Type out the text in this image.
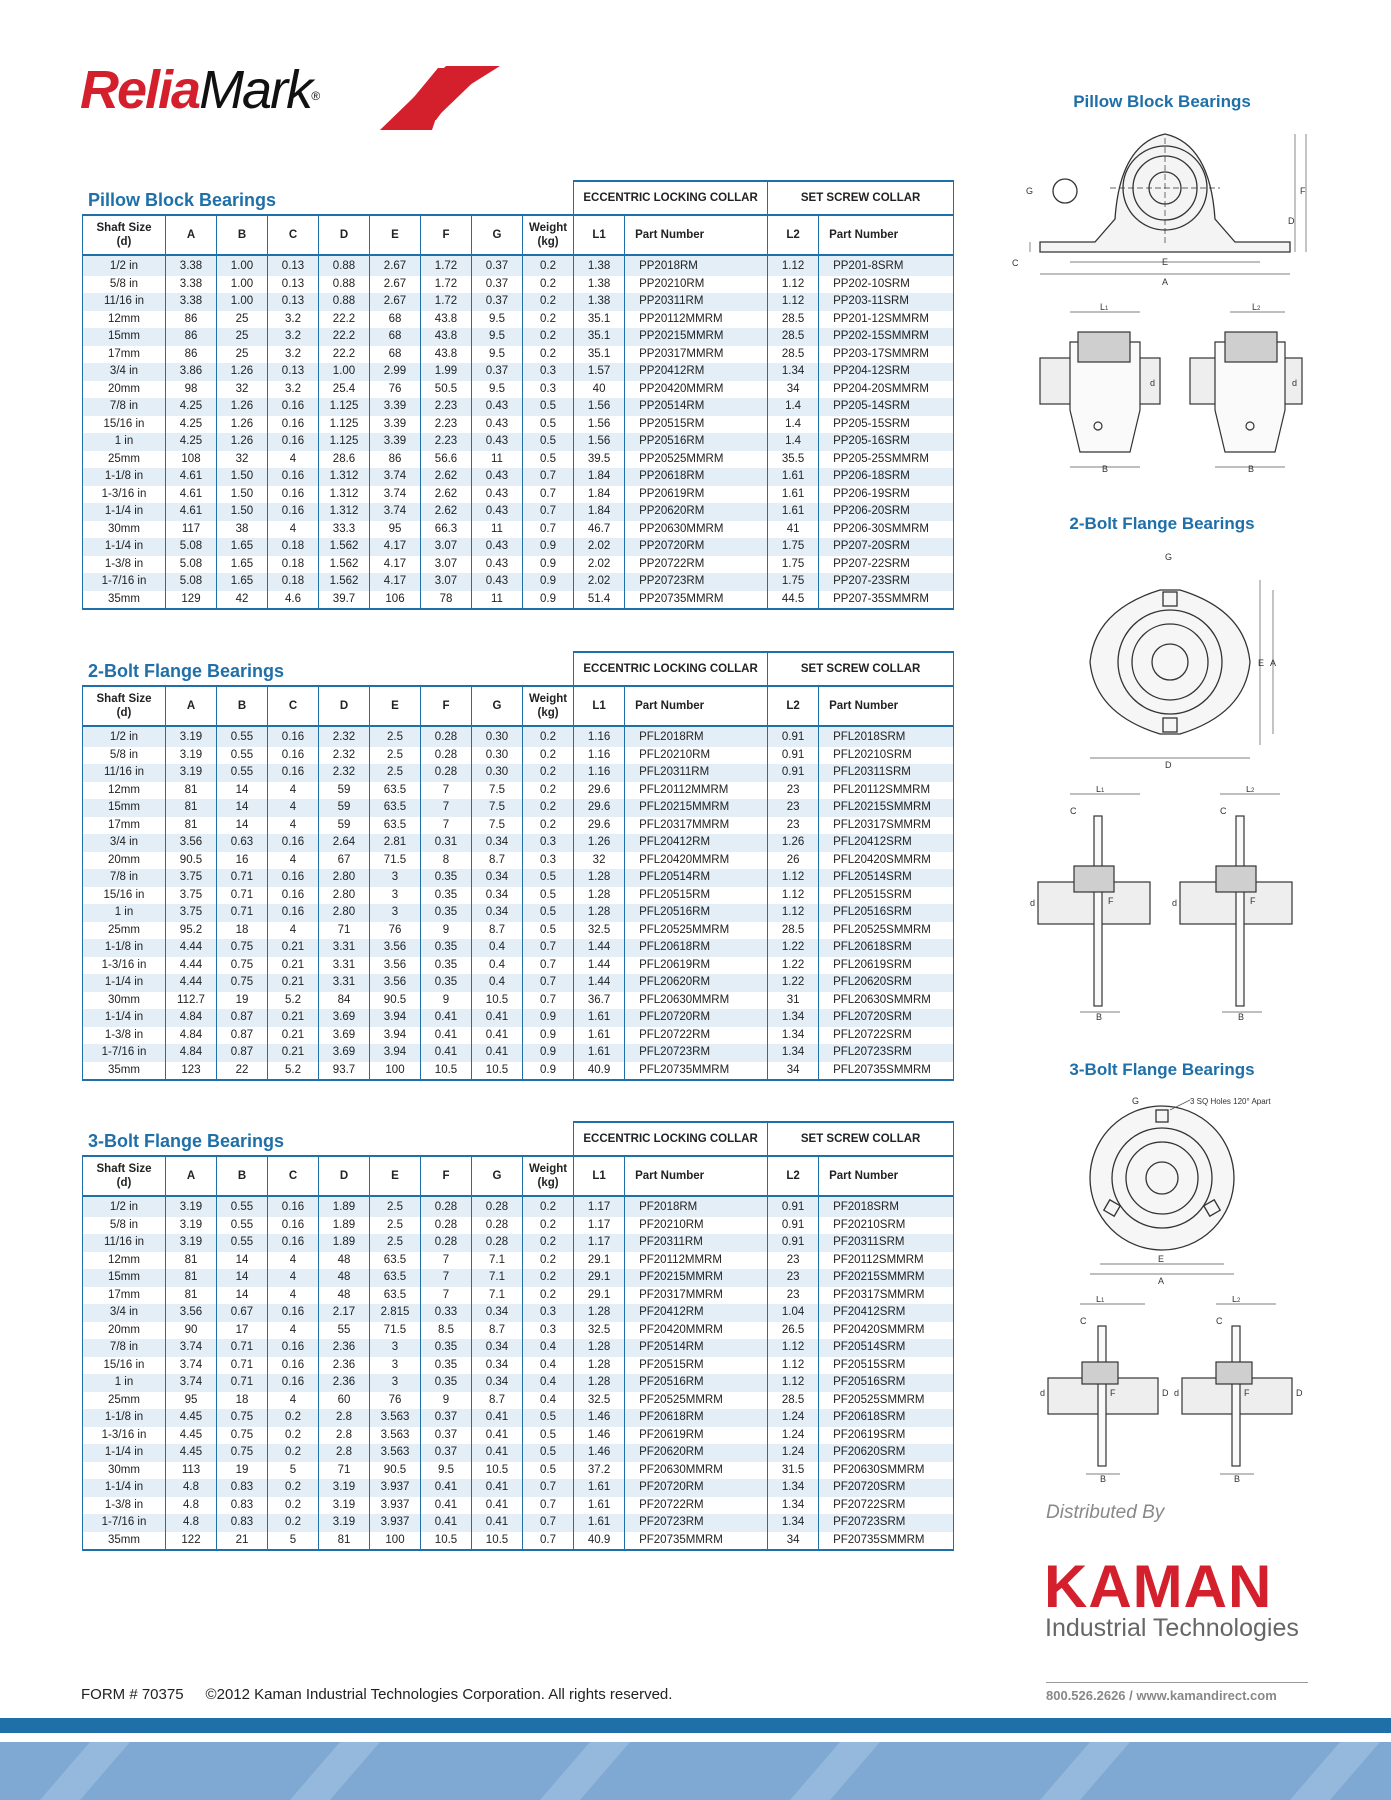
ReliaMark®
Pillow Block Bearings
									ECCENTRIC LOCKING COLLAR		SET SCREW COLLAR	
Shaft Size (d)	A	B	C	D	E	F	G	Weight (kg)	L1	Part Number	L2	Part Number
1/2 in	3.38	1.00	0.13	0.88	2.67	1.72	0.37	0.2	1.38	PP2018RM	1.12	PP201-8SRM
5/8 in	3.38	1.00	0.13	0.88	2.67	1.72	0.37	0.2	1.38	PP20210RM	1.12	PP202-10SRM
11/16 in	3.38	1.00	0.13	0.88	2.67	1.72	0.37	0.2	1.38	PP20311RM	1.12	PP203-11SRM
12mm	86	25	3.2	22.2	68	43.8	9.5	0.2	35.1	PP20112MMRM	28.5	PP201-12SMMRM
15mm	86	25	3.2	22.2	68	43.8	9.5	0.2	35.1	PP20215MMRM	28.5	PP202-15SMMRM
17mm	86	25	3.2	22.2	68	43.8	9.5	0.2	35.1	PP20317MMRM	28.5	PP203-17SMMRM
3/4 in	3.86	1.26	0.13	1.00	2.99	1.99	0.37	0.3	1.57	PP20412RM	1.34	PP204-12SRM
20mm	98	32	3.2	25.4	76	50.5	9.5	0.3	40	PP20420MMRM	34	PP204-20SMMRM
7/8 in	4.25	1.26	0.16	1.125	3.39	2.23	0.43	0.5	1.56	PP20514RM	1.4	PP205-14SRM
15/16 in	4.25	1.26	0.16	1.125	3.39	2.23	0.43	0.5	1.56	PP20515RM	1.4	PP205-15SRM
1 in	4.25	1.26	0.16	1.125	3.39	2.23	0.43	0.5	1.56	PP20516RM	1.4	PP205-16SRM
25mm	108	32	4	28.6	86	56.6	11	0.5	39.5	PP20525MMRM	35.5	PP205-25SMMRM
1-1/8 in	4.61	1.50	0.16	1.312	3.74	2.62	0.43	0.7	1.84	PP20618RM	1.61	PP206-18SRM
1-3/16 in	4.61	1.50	0.16	1.312	3.74	2.62	0.43	0.7	1.84	PP20619RM	1.61	PP206-19SRM
1-1/4 in	4.61	1.50	0.16	1.312	3.74	2.62	0.43	0.7	1.84	PP20620RM	1.61	PP206-20SRM
30mm	117	38	4	33.3	95	66.3	11	0.7	46.7	PP20630MMRM	41	PP206-30SMMRM
1-1/4 in	5.08	1.65	0.18	1.562	4.17	3.07	0.43	0.9	2.02	PP20720RM	1.75	PP207-20SRM
1-3/8 in	5.08	1.65	0.18	1.562	4.17	3.07	0.43	0.9	2.02	PP20722RM	1.75	PP207-22SRM
1-7/16 in	5.08	1.65	0.18	1.562	4.17	3.07	0.43	0.9	2.02	PP20723RM	1.75	PP207-23SRM
35mm	129	42	4.6	39.7	106	78	11	0.9	51.4	PP20735MMRM	44.5	PP207-35SMMRM
2-Bolt Flange Bearings
									ECCENTRIC LOCKING COLLAR		SET SCREW COLLAR	
Shaft Size (d)	A	B	C	D	E	F	G	Weight (kg)	L1	Part Number	L2	Part Number
1/2 in	3.19	0.55	0.16	2.32	2.5	0.28	0.30	0.2	1.16	PFL2018RM	0.91	PFL2018SRM
5/8 in	3.19	0.55	0.16	2.32	2.5	0.28	0.30	0.2	1.16	PFL20210RM	0.91	PFL20210SRM
11/16 in	3.19	0.55	0.16	2.32	2.5	0.28	0.30	0.2	1.16	PFL20311RM	0.91	PFL20311SRM
12mm	81	14	4	59	63.5	7	7.5	0.2	29.6	PFL20112MMRM	23	PFL20112SMMRM
15mm	81	14	4	59	63.5	7	7.5	0.2	29.6	PFL20215MMRM	23	PFL20215SMMRM
17mm	81	14	4	59	63.5	7	7.5	0.2	29.6	PFL20317MMRM	23	PFL20317SMMRM
3/4 in	3.56	0.63	0.16	2.64	2.81	0.31	0.34	0.3	1.26	PFL20412RM	1.26	PFL20412SRM
20mm	90.5	16	4	67	71.5	8	8.7	0.3	32	PFL20420MMRM	26	PFL20420SMMRM
7/8 in	3.75	0.71	0.16	2.80	3	0.35	0.34	0.5	1.28	PFL20514RM	1.12	PFL20514SRM
15/16 in	3.75	0.71	0.16	2.80	3	0.35	0.34	0.5	1.28	PFL20515RM	1.12	PFL20515SRM
1 in	3.75	0.71	0.16	2.80	3	0.35	0.34	0.5	1.28	PFL20516RM	1.12	PFL20516SRM
25mm	95.2	18	4	71	76	9	8.7	0.5	32.5	PFL20525MMRM	28.5	PFL20525SMMRM
1-1/8 in	4.44	0.75	0.21	3.31	3.56	0.35	0.4	0.7	1.44	PFL20618RM	1.22	PFL20618SRM
1-3/16 in	4.44	0.75	0.21	3.31	3.56	0.35	0.4	0.7	1.44	PFL20619RM	1.22	PFL20619SRM
1-1/4 in	4.44	0.75	0.21	3.31	3.56	0.35	0.4	0.7	1.44	PFL20620RM	1.22	PFL20620SRM
30mm	112.7	19	5.2	84	90.5	9	10.5	0.7	36.7	PFL20630MMRM	31	PFL20630SMMRM
1-1/4 in	4.84	0.87	0.21	3.69	3.94	0.41	0.41	0.9	1.61	PFL20720RM	1.34	PFL20720SRM
1-3/8 in	4.84	0.87	0.21	3.69	3.94	0.41	0.41	0.9	1.61	PFL20722RM	1.34	PFL20722SRM
1-7/16 in	4.84	0.87	0.21	3.69	3.94	0.41	0.41	0.9	1.61	PFL20723RM	1.34	PFL20723SRM
35mm	123	22	5.2	93.7	100	10.5	10.5	0.9	40.9	PFL20735MMRM	34	PFL20735SMMRM
3-Bolt Flange Bearings
									ECCENTRIC LOCKING COLLAR		SET SCREW COLLAR	
Shaft Size (d)	A	B	C	D	E	F	G	Weight (kg)	L1	Part Number	L2	Part Number
1/2 in	3.19	0.55	0.16	1.89	2.5	0.28	0.28	0.2	1.17	PF2018RM	0.91	PF2018SRM
5/8 in	3.19	0.55	0.16	1.89	2.5	0.28	0.28	0.2	1.17	PF20210RM	0.91	PF20210SRM
11/16 in	3.19	0.55	0.16	1.89	2.5	0.28	0.28	0.2	1.17	PF20311RM	0.91	PF20311SRM
12mm	81	14	4	48	63.5	7	7.1	0.2	29.1	PF20112MMRM	23	PF20112SMMRM
15mm	81	14	4	48	63.5	7	7.1	0.2	29.1	PF20215MMRM	23	PF20215SMMRM
17mm	81	14	4	48	63.5	7	7.1	0.2	29.1	PF20317MMRM	23	PF20317SMMRM
3/4 in	3.56	0.67	0.16	2.17	2.815	0.33	0.34	0.3	1.28	PF20412RM	1.04	PF20412SRM
20mm	90	17	4	55	71.5	8.5	8.7	0.3	32.5	PF20420MMRM	26.5	PF20420SMMRM
7/8 in	3.74	0.71	0.16	2.36	3	0.35	0.34	0.4	1.28	PF20514RM	1.12	PF20514SRM
15/16 in	3.74	0.71	0.16	2.36	3	0.35	0.34	0.4	1.28	PF20515RM	1.12	PF20515SRM
1 in	3.74	0.71	0.16	2.36	3	0.35	0.34	0.4	1.28	PF20516RM	1.12	PF20516SRM
25mm	95	18	4	60	76	9	8.7	0.4	32.5	PF20525MMRM	28.5	PF20525SMMRM
1-1/8 in	4.45	0.75	0.2	2.8	3.563	0.37	0.41	0.5	1.46	PF20618RM	1.24	PF20618SRM
1-3/16 in	4.45	0.75	0.2	2.8	3.563	0.37	0.41	0.5	1.46	PF20619RM	1.24	PF20619SRM
1-1/4 in	4.45	0.75	0.2	2.8	3.563	0.37	0.41	0.5	1.46	PF20620RM	1.24	PF20620SRM
30mm	113	19	5	71	90.5	9.5	10.5	0.5	37.2	PF20630MMRM	31.5	PF20630SMMRM
1-1/4 in	4.8	0.83	0.2	3.19	3.937	0.41	0.41	0.7	1.61	PF20720RM	1.34	PF20720SRM
1-3/8 in	4.8	0.83	0.2	3.19	3.937	0.41	0.41	0.7	1.61	PF20722RM	1.34	PF20722SRM
1-7/16 in	4.8	0.83	0.2	3.19	3.937	0.41	0.41	0.7	1.61	PF20723RM	1.34	PF20723SRM
35mm	122	21	5	81	100	10.5	10.5	0.7	40.9	PF20735MMRM	34	PF20735SMMRM
Pillow Block Bearings
2-Bolt Flange Bearings
3-Bolt Flange Bearings
A
E
C
G
D
F
B	B
L1	L2
d	d
G
E A
D
L1	L2
C	C
F	F
d	d
B	B
G	3 SQ Holes 120° Apart
E
A
L1	L2
C	C
F	F
d	d
D	D
B	B
Distributed By
KAMAN
Industrial Technologies
800.526.2626 / www.kamandirect.com
FORM # 70375 ©2012 Kaman Industrial Technologies Corporation. All rights reserved.
